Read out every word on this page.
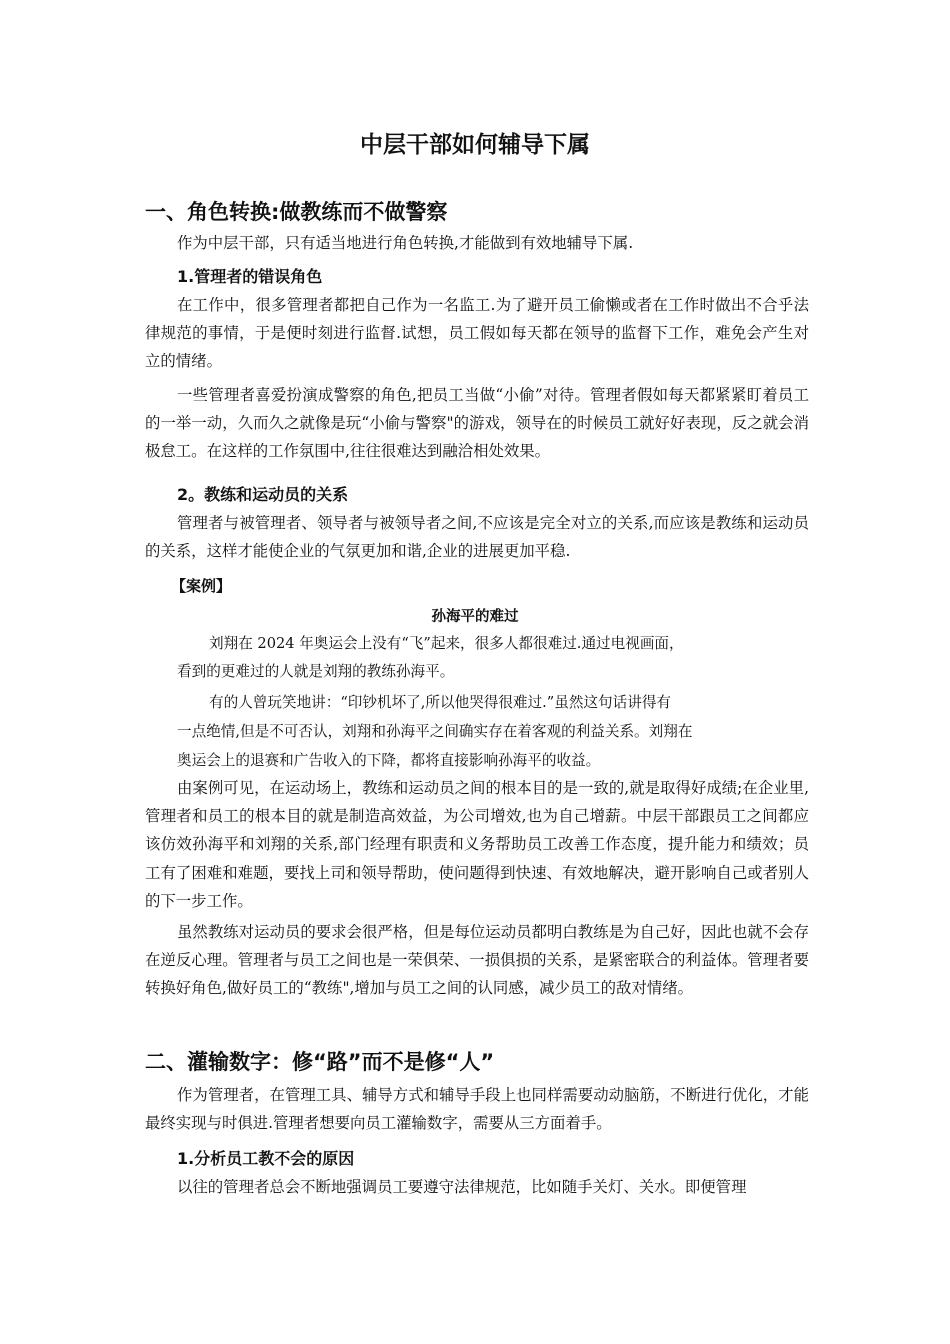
中层干部如何辅导下属
一、角色转换:做教练而不做警察

作为中层干部，只有适当地进行角色转换,才能做到有效地辅导下属.

1.管理者的错误角色

在工作中，很多管理者都把自己作为一名监工.为了避开员工偷懒或者在工作时做出不合乎法律规范的事情，于是便时刻进行监督.试想，员工假如每天都在领导的监督下工作，难免会产生对立的情绪。

一些管理者喜爱扮演成警察的角色,把员工当做“小偷”对待。管理者假如每天都紧紧盯着员工的一举一动，久而久之就像是玩“小偷与警察"的游戏，领导在的时候员工就好好表现，反之就会消极怠工。在这样的工作氛围中,往往很难达到融洽相处效果。

2。教练和运动员的关系

管理者与被管理者、领导者与被领导者之间,不应该是完全对立的关系,而应该是教练和运动员的关系，这样才能使企业的气氛更加和谐,企业的进展更加平稳.

【案例】
孙海平的难过
刘翔在 2024 年奥运会上没有“飞”起来，很多人都很难过.通过电视画面，
看到的更难过的人就是刘翔的教练孙海平。
有的人曾玩笑地讲：“印钞机坏了,所以他哭得很难过.”虽然这句话讲得有
一点绝情,但是不可否认，刘翔和孙海平之间确实存在着客观的利益关系。刘翔在
奥运会上的退赛和广告收入的下降，都将直接影响孙海平的收益。

由案例可见，在运动场上，教练和运动员之间的根本目的是一致的,就是取得好成绩;在企业里,管理者和员工的根本目的就是制造高效益，为公司增效,也为自己增薪。中层干部跟员工之间都应该仿效孙海平和刘翔的关系,部门经理有职责和义务帮助员工改善工作态度，提升能力和绩效；员工有了困难和难题，要找上司和领导帮助，使问题得到快速、有效地解决，避开影响自己或者别人的下一步工作。

虽然教练对运动员的要求会很严格，但是每位运动员都明白教练是为自己好，因此也就不会存在逆反心理。管理者与员工之间也是一荣俱荣、一损俱损的关系，是紧密联合的利益体。管理者要转换好角色,做好员工的“教练",增加与员工之间的认同感，减少员工的敌对情绪。

二、灌输数字：修“路”而不是修“人”

作为管理者，在管理工具、辅导方式和辅导手段上也同样需要动动脑筋，不断进行优化，才能最终实现与时俱进.管理者想要向员工灌输数字，需要从三方面着手。

1.分析员工教不会的原因

以往的管理者总会不断地强调员工要遵守法律规范，比如随手关灯、关水。即便管理
